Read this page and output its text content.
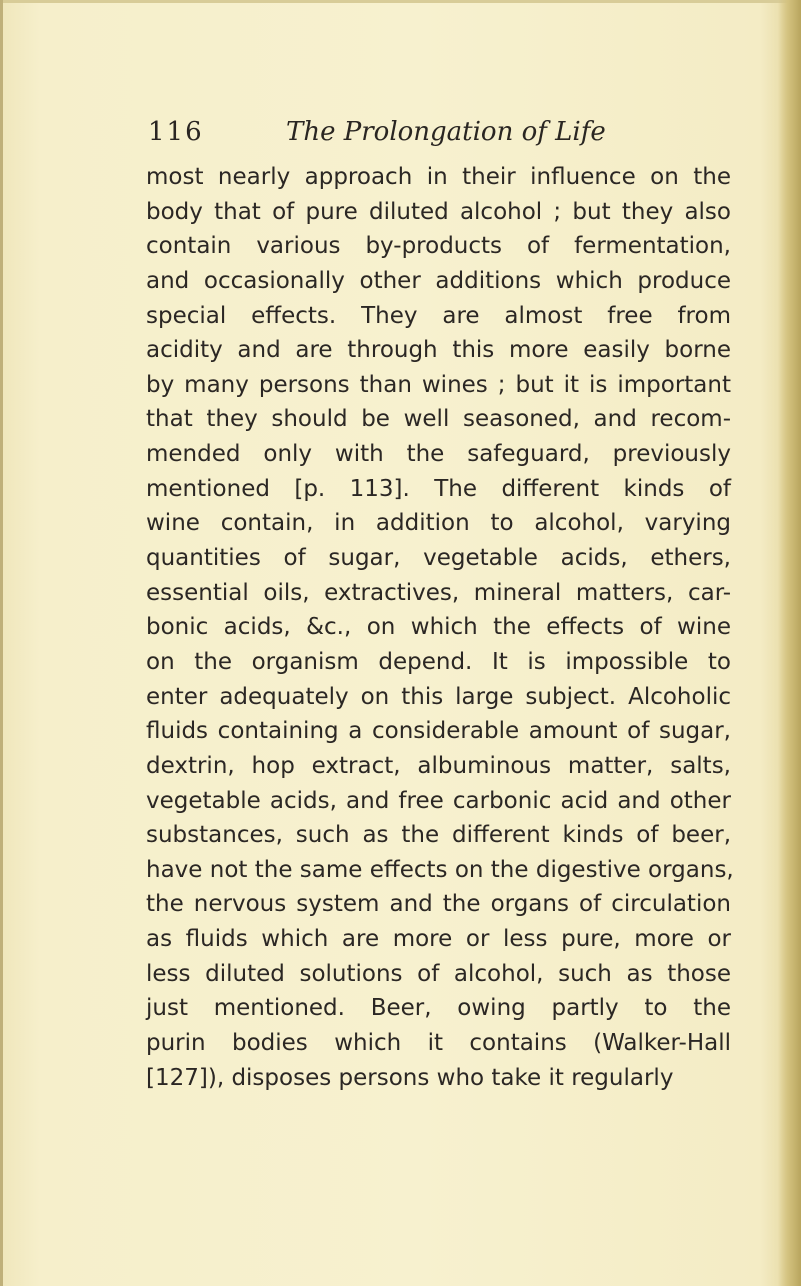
116	The Prolongation of Life
most nearly approach in their influence on the
body that of pure diluted alcohol ; but they also
contain various by-products of fermentation,
and occasionally other additions which produce
special effects. They are almost free from
acidity and are through this more easily borne
by many persons than wines ; but it is important
that they should be well seasoned, and recom-
mended only with the safeguard, previously
mentioned [p. 113]. The different kinds of
wine contain, in addition to alcohol, varying
quantities of sugar, vegetable acids, ethers,
essential oils, extractives, mineral matters, car-
bonic acids, &c., on which the effects of wine
on the organism depend. It is impossible to
enter adequately on this large subject. Alcoholic
fluids containing a considerable amount of sugar,
dextrin, hop extract, albuminous matter, salts,
vegetable acids, and free carbonic acid and other
substances, such as the different kinds of beer,
have not the same effects on the digestive organs,
the nervous system and the organs of circulation
as fluids which are more or less pure, more or
less diluted solutions of alcohol, such as those
just mentioned. Beer, owing partly to the
purin bodies which it contains (Walker-Hall
[127]), disposes persons who take it regularly
